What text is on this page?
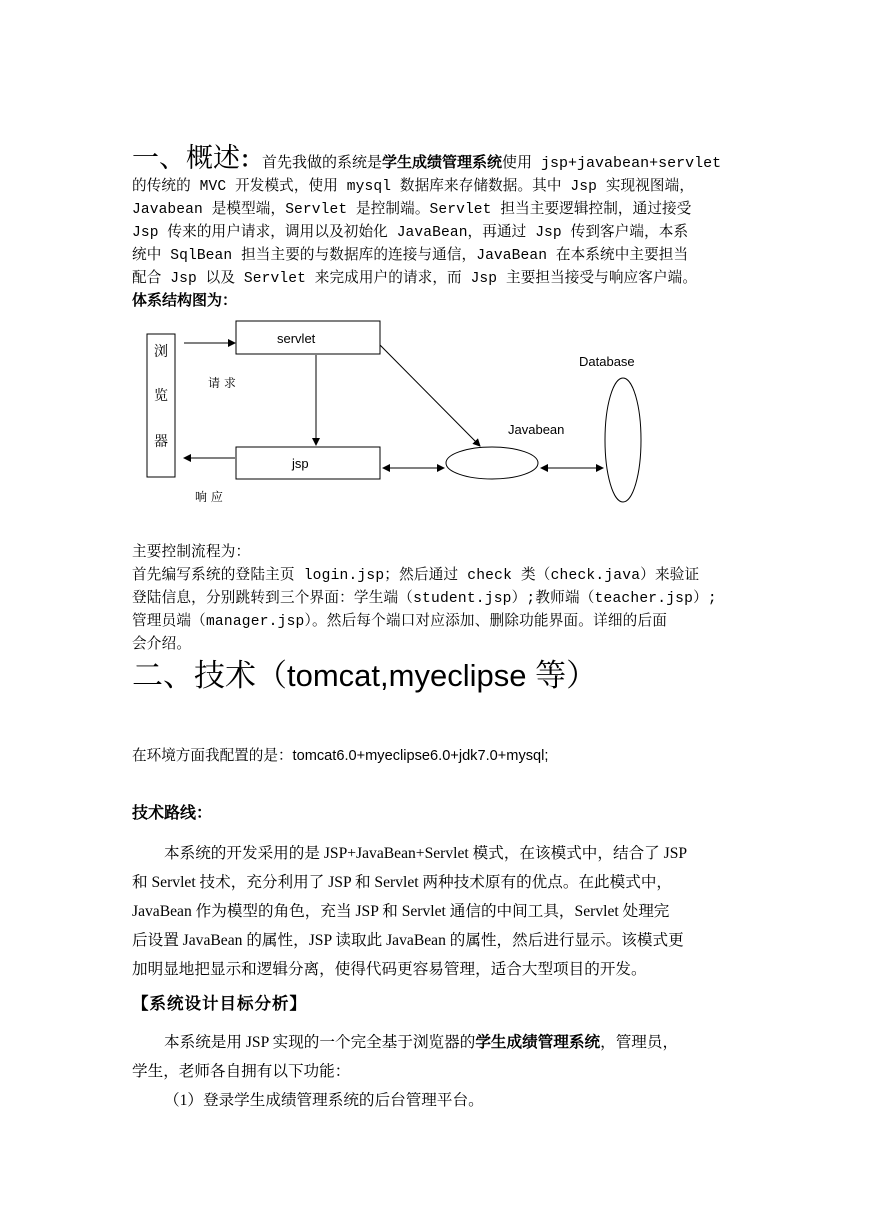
一、概述：首先我做的系统是学生成绩管理系统使用 jsp+javabean+servlet
的传统的 MVC 开发模式，使用 mysql 数据库来存储数据。其中 Jsp 实现视图端，
Javabean 是模型端，Servlet 是控制端。Servlet 担当主要逻辑控制，通过接受
Jsp 传来的用户请求，调用以及初始化 JavaBean，再通过 Jsp 传到客户端，本系
统中 SqlBean 担当主要的与数据库的连接与通信，JavaBean 在本系统中主要担当
配合 Jsp 以及 Servlet 来完成用户的请求，而 Jsp 主要担当接受与响应客户端。
体系结构图为：
浏
览
器
servlet
jsp
Javabean
Database
请 求
响 应
主要控制流程为：
首先编写系统的登陆主页 login.jsp；然后通过 check 类（check.java）来验证
登陆信息，分别跳转到三个界面：学生端（student.jsp）;教师端（teacher.jsp）;
管理员端（manager.jsp）。然后每个端口对应添加、删除功能界面。详细的后面
会介绍。
二、技术（tomcat,myeclipse 等）
在环境方面我配置的是：tomcat6.0+myeclipse6.0+jdk7.0+mysql;
技术路线：
本系统的开发采用的是 JSP+JavaBean+Servlet 模式，在该模式中，结合了 JSP
和 Servlet 技术，充分利用了 JSP 和 Servlet 两种技术原有的优点。在此模式中，
JavaBean 作为模型的角色，充当 JSP 和 Servlet 通信的中间工具，Servlet 处理完
后设置 JavaBean 的属性，JSP 读取此 JavaBean 的属性，然后进行显示。该模式更
加明显地把显示和逻辑分离，使得代码更容易管理，适合大型项目的开发。
【系统设计目标分析】
本系统是用 JSP 实现的一个完全基于浏览器的学生成绩管理系统，管理员，
学生，老师各自拥有以下功能：
（1）登录学生成绩管理系统的后台管理平台。
